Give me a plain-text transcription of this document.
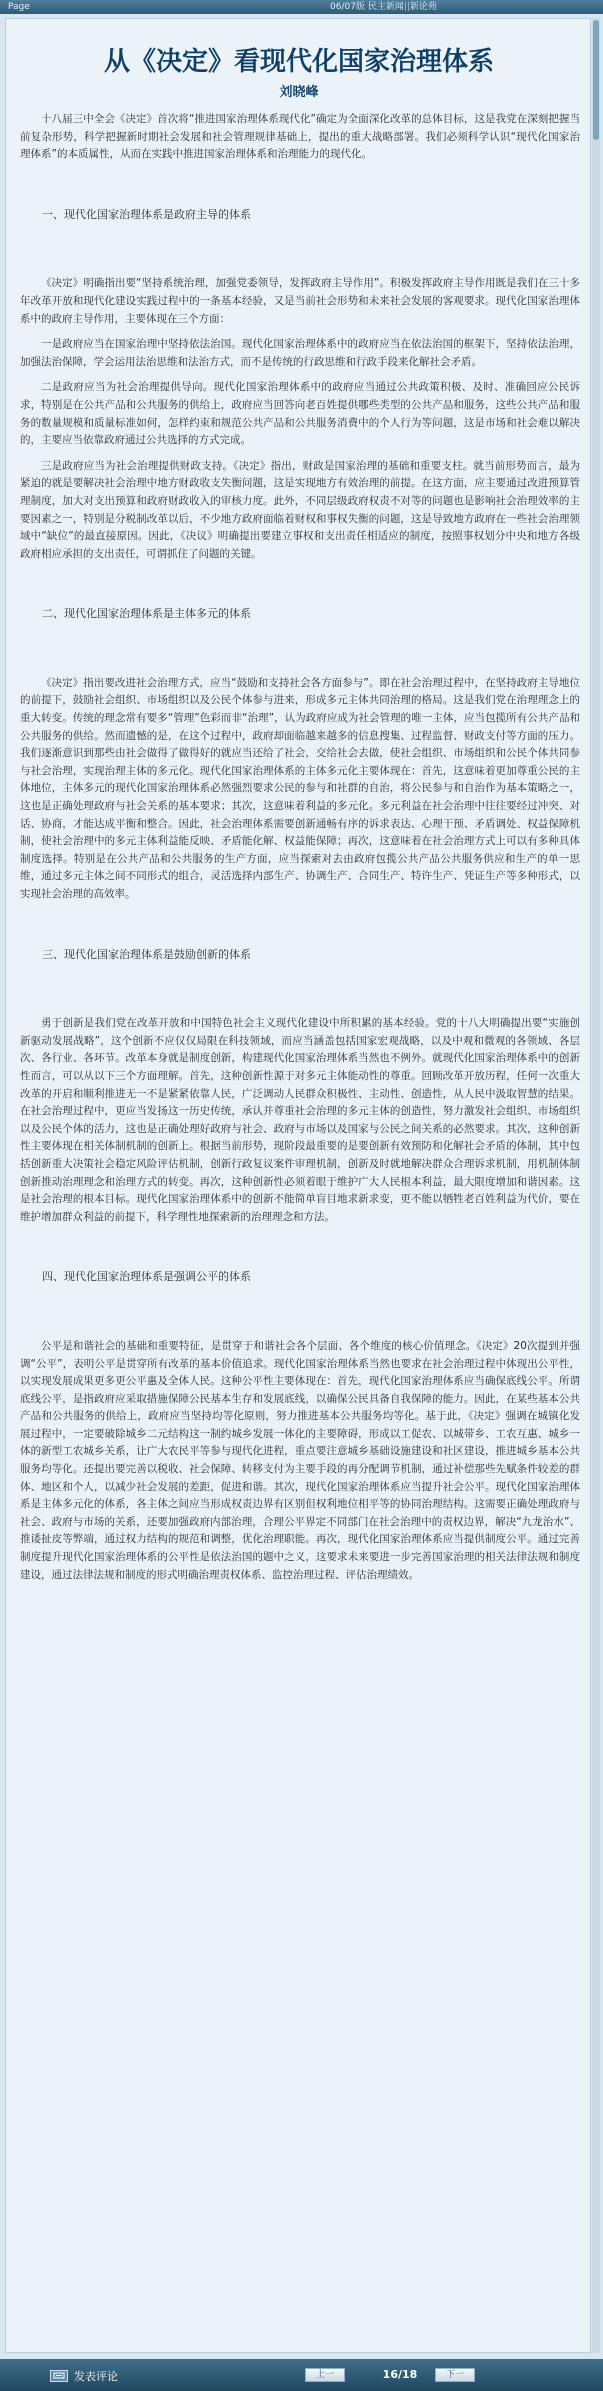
Page	06/07版 民主新闻||新论苑
从《决定》看现代化国家治理体系
刘晓峰

十八届三中全会《决定》首次将“推进国家治理体系现代化”确定为全面深化改革的总体目标，这是我党在深刻把握当前复杂形势，科学把握新时期社会发展和社会管理规律基础上，提出的重大战略部署。我们必须科学认识“现代化国家治理体系”的本质属性，从而在实践中推进国家治理体系和治理能力的现代化。

一、现代化国家治理体系是政府主导的体系

《决定》明确指出要“坚持系统治理，加强党委领导，发挥政府主导作用”。积极发挥政府主导作用既是我们在三十多年改革开放和现代化建设实践过程中的一条基本经验，又是当前社会形势和未来社会发展的客观要求。现代化国家治理体系中的政府主导作用，主要体现在三个方面：

一是政府应当在国家治理中坚持依法治国。现代化国家治理体系中的政府应当在依法治国的框架下，坚持依法治理，加强法治保障，学会运用法治思维和法治方式，而不是传统的行政思维和行政手段来化解社会矛盾。

二是政府应当为社会治理提供导向。现代化国家治理体系中的政府应当通过公共政策积极、及时、准确回应公民诉求，特别是在公共产品和公共服务的供给上，政府应当回答向老百姓提供哪些类型的公共产品和服务，这些公共产品和服务的数量规模和质量标准如何，怎样约束和规范公共产品和公共服务消费中的个人行为等问题，这是市场和社会难以解决的，主要应当依靠政府通过公共选择的方式完成。

三是政府应当为社会治理提供财政支持。《决定》指出，财政是国家治理的基础和重要支柱。就当前形势而言，最为紧迫的就是要解决社会治理中地方财政收支失衡问题，这是实现地方有效治理的前提。在这方面，应主要通过改进预算管理制度，加大对支出预算和政府财政收入的审核力度。此外，不同层级政府权责不对等的问题也是影响社会治理效率的主要因素之一，特别是分税制改革以后，不少地方政府面临着财权和事权失衡的问题，这是导致地方政府在一些社会治理领域中“缺位”的最直接原因。因此，《决议》明确提出要建立事权和支出责任相适应的制度，按照事权划分中央和地方各级政府相应承担的支出责任，可谓抓住了问题的关键。

二、现代化国家治理体系是主体多元的体系

《决定》指出要改进社会治理方式，应当“鼓励和支持社会各方面参与”。即在社会治理过程中，在坚持政府主导地位的前提下，鼓励社会组织、市场组织以及公民个体参与进来，形成多元主体共同治理的格局。这是我们党在治理理念上的重大转变。传统的理念常有要多“管理”色彩而非“治理”，认为政府应成为社会管理的唯一主体，应当包揽所有公共产品和公共服务的供给。然而遗憾的是，在这个过程中，政府却面临越来越多的信息搜集、过程监督、财政支付等方面的压力。我们逐渐意识到那些由社会做得了做得好的就应当还给了社会，交给社会去做，使社会组织、市场组织和公民个体共同参与社会治理，实现治理主体的多元化。现代化国家治理体系的主体多元化主要体现在：首先，这意味着更加尊重公民的主体地位，主体多元的现代化国家治理体系必然强烈要求公民的参与和社群的自治，将公民参与和自治作为基本策略之一，这也是正确处理政府与社会关系的基本要求；其次，这意味着利益的多元化。多元利益在社会治理中往往要经过冲突、对话、协商，才能达成平衡和整合。因此，社会治理体系需要创新通畅有序的诉求表达、心理干预、矛盾调处、权益保障机制，使社会治理中的多元主体利益能反映、矛盾能化解、权益能保障；再次，这意味着在社会治理方式上可以有多种具体制度选择。特别是在公共产品和公共服务的生产方面，应当探索对去由政府包揽公共产品公共服务供应和生产的单一思维，通过多元主体之间不同形式的组合，灵活选择内部生产、协调生产、合同生产、特许生产、凭证生产等多种形式，以实现社会治理的高效率。

三、现代化国家治理体系是鼓励创新的体系

勇于创新是我们党在改革开放和中国特色社会主义现代化建设中所积累的基本经验。党的十八大明确提出要“实施创新驱动发展战略”，这个创新不应仅仅局限在科技领域，而应当涵盖包括国家宏观战略，以及中观和微观的各领域、各层次、各行业、各环节。改革本身就是制度创新，构建现代化国家治理体系当然也不例外。就现代化国家治理体系中的创新性而言，可以从以下三个方面理解。首先，这种创新性源于对多元主体能动性的尊重。回顾改革开放历程，任何一次重大改革的开启和顺利推进无一不是紧紧依靠人民，广泛调动人民群众积极性、主动性、创造性，从人民中汲取智慧的结果。在社会治理过程中，更应当发扬这一历史传统，承认并尊重社会治理的多元主体的创造性，努力激发社会组织、市场组织以及公民个体的活力，这也是正确处理好政府与社会、政府与市场以及国家与公民之间关系的必然要求。其次，这种创新性主要体现在相关体制机制的创新上。根据当前形势，现阶段最重要的是要创新有效预防和化解社会矛盾的体制，其中包括创新重大决策社会稳定风险评估机制，创新行政复议案件审理机制，创新及时就地解决群众合理诉求机制，用机制体制创新推动治理理念和治理方式的转变。再次，这种创新性必须着眼于维护广大人民根本利益，最大限度增加和谐因素。这是社会治理的根本目标。现代化国家治理体系中的创新不能简单盲目地求新求变，更不能以牺牲老百姓利益为代价，要在维护增加群众利益的前提下，科学理性地探索新的治理理念和方法。

四、现代化国家治理体系是强调公平的体系

公平是和谐社会的基础和重要特征，是贯穿于和谐社会各个层面、各个维度的核心价值理念。《决定》20次提到并强调“公平”，表明公平是贯穿所有改革的基本价值追求。现代化国家治理体系当然也要求在社会治理过程中体现出公平性，以实现发展成果更多更公平惠及全体人民。这种公平性主要体现在：首先，现代化国家治理体系应当确保底线公平。所谓底线公平，是指政府应采取措施保障公民基本生存和发展底线，以确保公民具备自我保障的能力。因此，在某些基本公共产品和公共服务的供给上，政府应当坚持均等化原则，努力推进基本公共服务均等化。基于此，《决定》强调在城镇化发展过程中，一定要破除城乡二元结构这一制约城乡发展一体化的主要障碍，形成以工促农、以城带乡、工农互惠、城乡一体的新型工农城乡关系，让广大农民平等参与现代化进程，重点要注意城乡基础设施建设和社区建设，推进城乡基本公共服务均等化。还提出要完善以税收、社会保障、转移支付为主要手段的再分配调节机制，通过补偿那些先赋条件较差的群体、地区和个人，以减少社会发展的差距，促进和谐。其次，现代化国家治理体系应当提升社会公平。现代化国家治理体系是主体多元化的体系，各主体之间应当形成权责边界有区别但权利地位相平等的协同治理结构。这需要正确处理政府与社会、政府与市场的关系，还要加强政府内部治理，合理公平界定不同部门在社会治理中的责权边界，解决“九龙治水”、推诿扯皮等弊端，通过权力结构的规范和调整，优化治理职能。再次，现代化国家治理体系应当提供制度公平。通过完善制度提升现代化国家治理体系的公平性是依法治国的题中之义，这要求未来要进一步完善国家治理的相关法律法规和制度建设，通过法律法规和制度的形式明确治理责权体系、监控治理过程、评估治理绩效。

发表评论	上一	16/18	下一
